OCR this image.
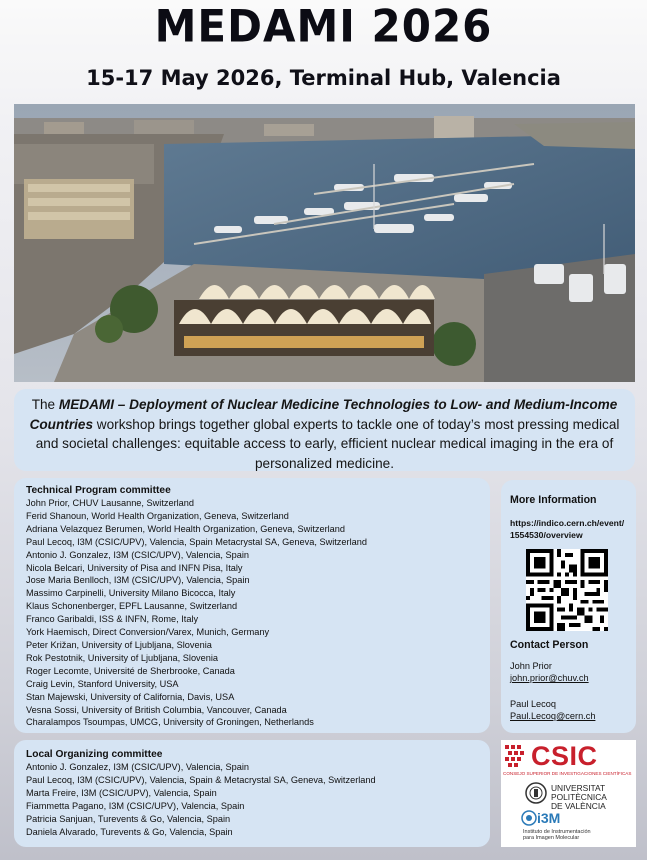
MEDAMI 2026
15-17 May 2026, Terminal Hub, Valencia
The MEDAMI – Deployment of Nuclear Medicine Technologies to Low- and Medium-Income Countries workshop brings together global experts to tackle one of today’s most pressing medical and societal challenges: equitable access to early, efficient nuclear medical imaging in the era of personalized medicine.
Technical Program committee
John Prior, CHUV Lausanne, Switzerland
Ferid Shanoun, World Health Organization, Geneva, Switzerland
Adriana Velazquez Berumen, World Health Organization, Geneva, Switzerland
Paul Lecoq, I3M (CSIC/UPV), Valencia, Spain Metacrystal SA, Geneva, Switzerland
Antonio J. Gonzalez, I3M (CSIC/UPV), Valencia, Spain
Nicola Belcari, University of Pisa and INFN Pisa, Italy
Jose Maria Benlloch, I3M (CSIC/UPV), Valencia, Spain
Massimo Carpinelli, University Milano Bicocca, Italy
Klaus Schonenberger, EPFL Lausanne, Switzerland
Franco Garibaldi, ISS & INFN, Rome, Italy
York Haemisch, Direct Conversion/Varex, Munich, Germany
Peter Križan, University of Ljubljana, Slovenia
Rok Pestotnik, University of Ljubljana, Slovenia
Roger Lecomte, Université de Sherbrooke, Canada
Craig Levin, Stanford University, USA
Stan Majewski, University of California, Davis, USA
Vesna Sossi, University of British Columbia, Vancouver, Canada
Charalampos Tsoumpas, UMCG, University of Groningen, Netherlands
More Information
https://indico.cern.ch/event/1554530/overview
Contact Person
John Prior
john.prior@chuv.ch
Paul Lecoq
Paul.Lecoq@cern.ch
Local Organizing committee
Antonio J. Gonzalez, I3M (CSIC/UPV), Valencia, Spain
Paul Lecoq, I3M (CSIC/UPV), Valencia, Spain & Metacrystal SA, Geneva, Switzerland
Marta Freire, I3M (CSIC/UPV), Valencia, Spain
Fiammetta Pagano, I3M (CSIC/UPV), Valencia, Spain
Patricia Sanjuan, Turevents & Go, Valencia, Spain
Daniela Alvarado, Turevents & Go, Valencia, Spain
CSIC
CONSEJO SUPERIOR DE INVESTIGACIONES CIENTÍFICAS
UNIVERSITAT
POLITÈCNICA
DE VALÈNCIA
i3M
Instituto de Instrumentación
para Imagen Molecular
